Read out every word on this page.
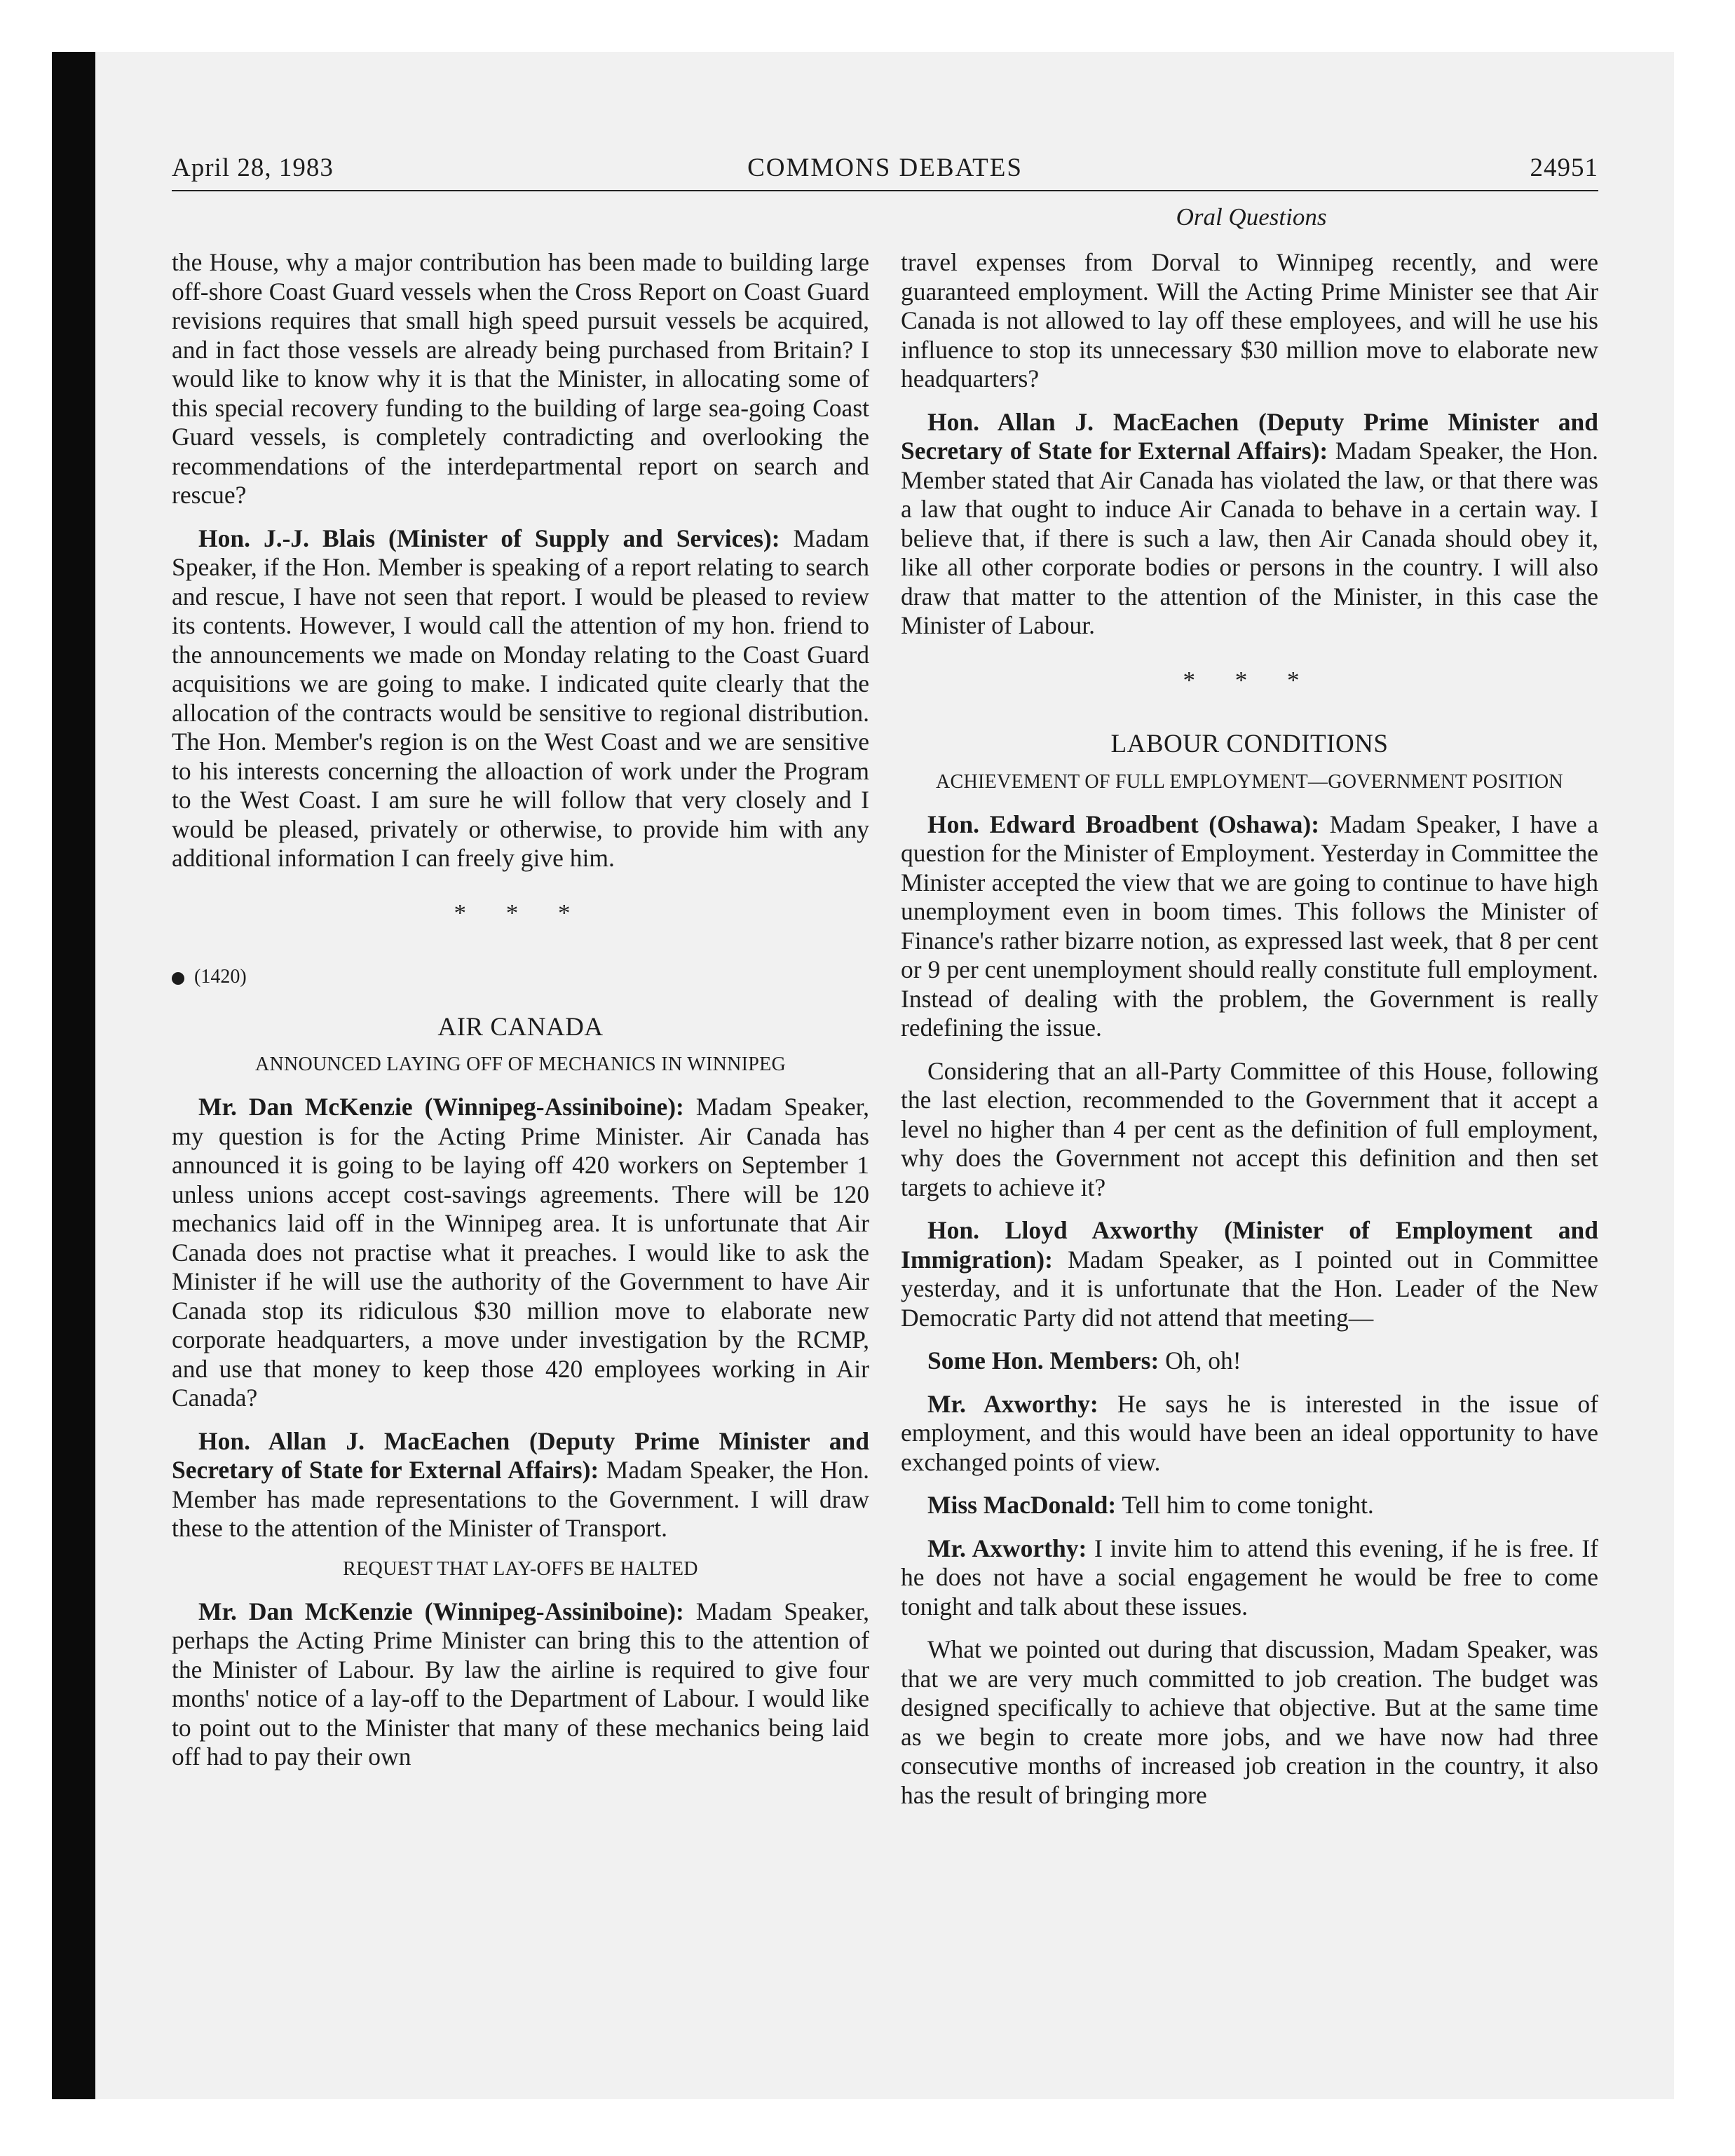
COMMONS DEBATES
April 28, 1983	24951

Oral Questions

the House, why a major contribution has been made to building large off-shore Coast Guard vessels when the Cross Report on Coast Guard revisions requires that small high speed pursuit vessels be acquired, and in fact those vessels are already being purchased from Britain? I would like to know why it is that the Minister, in allocating some of this special recovery funding to the building of large sea-going Coast Guard vessels, is completely contradicting and overlooking the recommendations of the interdepartmental report on search and rescue?

Hon. J.-J. Blais (Minister of Supply and Services): Madam Speaker, if the Hon. Member is speaking of a report relating to search and rescue, I have not seen that report. I would be pleased to review its contents. However, I would call the attention of my hon. friend to the announcements we made on Monday relating to the Coast Guard acquisitions we are going to make. I indicated quite clearly that the allocation of the contracts would be sensitive to regional distribution. The Hon. Member's region is on the West Coast and we are sensitive to his interests concerning the alloaction of work under the Program to the West Coast. I am sure he will follow that very closely and I would be pleased, privately or otherwise, to provide him with any additional information I can freely give him.

* * *
(1420)
AIR CANADA
ANNOUNCED LAYING OFF OF MECHANICS IN WINNIPEG

Mr. Dan McKenzie (Winnipeg-Assiniboine): Madam Speaker, my question is for the Acting Prime Minister. Air Canada has announced it is going to be laying off 420 workers on September 1 unless unions accept cost-savings agreements. There will be 120 mechanics laid off in the Winnipeg area. It is unfortunate that Air Canada does not practise what it preaches. I would like to ask the Minister if he will use the authority of the Government to have Air Canada stop its ridiculous $30 million move to elaborate new corporate headquarters, a move under investigation by the RCMP, and use that money to keep those 420 employees working in Air Canada?

Hon. Allan J. MacEachen (Deputy Prime Minister and Secretary of State for External Affairs): Madam Speaker, the Hon. Member has made representations to the Government. I will draw these to the attention of the Minister of Transport.

REQUEST THAT LAY-OFFS BE HALTED

Mr. Dan McKenzie (Winnipeg-Assiniboine): Madam Speaker, perhaps the Acting Prime Minister can bring this to the attention of the Minister of Labour. By law the airline is required to give four months' notice of a lay-off to the Department of Labour. I would like to point out to the Minister that many of these mechanics being laid off had to pay their own

travel expenses from Dorval to Winnipeg recently, and were guaranteed employment. Will the Acting Prime Minister see that Air Canada is not allowed to lay off these employees, and will he use his influence to stop its unnecessary $30 million move to elaborate new headquarters?

Hon. Allan J. MacEachen (Deputy Prime Minister and Secretary of State for External Affairs): Madam Speaker, the Hon. Member stated that Air Canada has violated the law, or that there was a law that ought to induce Air Canada to behave in a certain way. I believe that, if there is such a law, then Air Canada should obey it, like all other corporate bodies or persons in the country. I will also draw that matter to the attention of the Minister, in this case the Minister of Labour.

* * *
LABOUR CONDITIONS
ACHIEVEMENT OF FULL EMPLOYMENT—GOVERNMENT POSITION

Hon. Edward Broadbent (Oshawa): Madam Speaker, I have a question for the Minister of Employment. Yesterday in Committee the Minister accepted the view that we are going to continue to have high unemployment even in boom times. This follows the Minister of Finance's rather bizarre notion, as expressed last week, that 8 per cent or 9 per cent unemployment should really constitute full employment. Instead of dealing with the problem, the Government is really redefining the issue.

Considering that an all-Party Committee of this House, following the last election, recommended to the Government that it accept a level no higher than 4 per cent as the definition of full employment, why does the Government not accept this definition and then set targets to achieve it?

Hon. Lloyd Axworthy (Minister of Employment and Immigration): Madam Speaker, as I pointed out in Committee yesterday, and it is unfortunate that the Hon. Leader of the New Democratic Party did not attend that meeting—

Some Hon. Members: Oh, oh!

Mr. Axworthy: He says he is interested in the issue of employment, and this would have been an ideal opportunity to have exchanged points of view.

Miss MacDonald: Tell him to come tonight.

Mr. Axworthy: I invite him to attend this evening, if he is free. If he does not have a social engagement he would be free to come tonight and talk about these issues.

What we pointed out during that discussion, Madam Speaker, was that we are very much committed to job creation. The budget was designed specifically to achieve that objective. But at the same time as we begin to create more jobs, and we have now had three consecutive months of increased job creation in the country, it also has the result of bringing more
